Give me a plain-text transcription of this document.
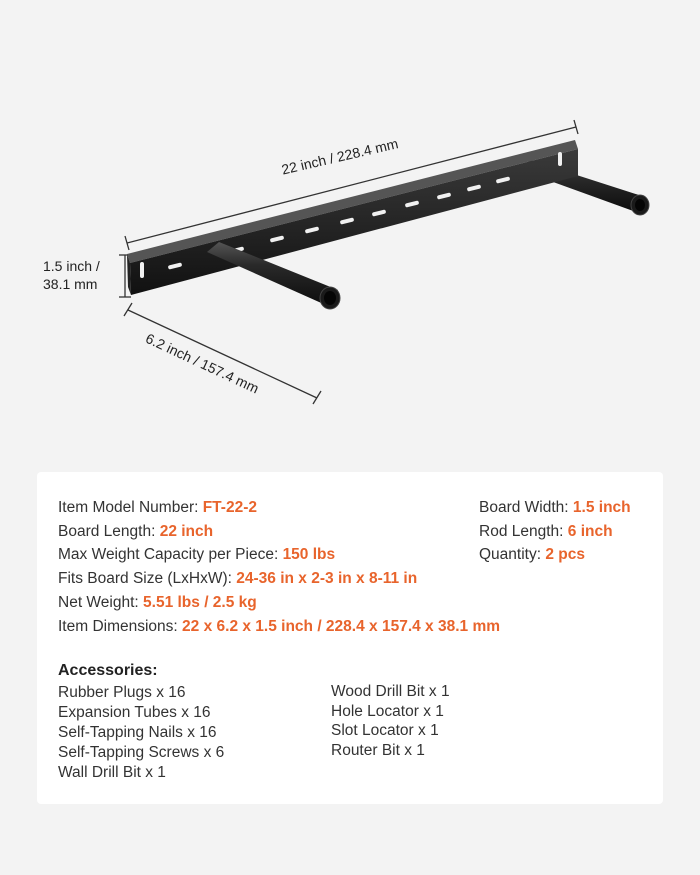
22 inch / 228.4 mm
1.5 inch /
38.1 mm
6.2 inch / 157.4 mm
Item Model Number: FT-22-2
Board Length: 22 inch
Max Weight Capacity per Piece: 150 lbs
Fits Board Size (LxHxW): 24-36 in x 2-3 in x 8-11 in
Net Weight: 5.51 lbs / 2.5 kg
Item Dimensions: 22 x 6.2 x 1.5 inch / 228.4 x 157.4 x 38.1 mm
Board Width: 1.5 inch
Rod Length: 6 inch
Quantity: 2 pcs
Accessories:
Rubber Plugs x 16
Expansion Tubes x 16
Self-Tapping Nails x 16
Self-Tapping Screws x 6
Wall Drill Bit x 1
Wood Drill Bit x 1
Hole Locator x 1
Slot Locator x 1
Router Bit x 1
